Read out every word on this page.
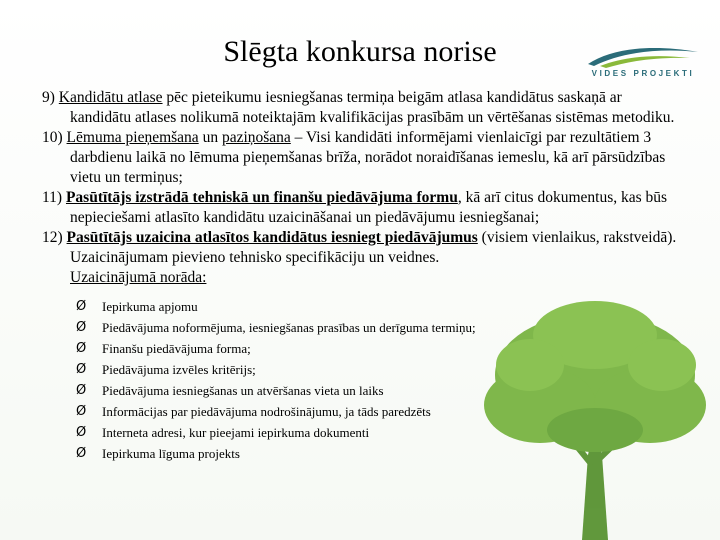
Slēgta konkursa norise
VIDES PROJEKTI

9) Kandidātu atlase pēc pieteikumu iesniegšanas termiņa beigām atlasa kandidātus saskaņā ar kandidātu atlases nolikumā noteiktajām kvalifikācijas prasībām un vērtēšanas sistēmas metodiku.

10) Lēmuma pieņemšana un paziņošana – Visi kandidāti informējami vienlaicīgi par rezultātiem 3 darbdienu laikā no lēmuma pieņemšanas brīža, norādot noraidīšanas iemeslu, kā arī pārsūdzības vietu un termiņus;

11) Pasūtītājs izstrādā tehniskā un finanšu piedāvājuma formu, kā arī citus dokumentus, kas būs nepieciešami atlasīto kandidātu uzaicināšanai un piedāvājumu iesniegšanai;

12) Pasūtītājs uzaicina atlasītos kandidātus iesniegt piedāvājumus (visiem vienlaikus, rakstveidā). Uzaicinājumam pievieno tehnisko specifikāciju un veidnes.

Uzaicinājumā norāda:

Ø Iepirkuma apjomu
Ø Piedāvājuma noformējuma, iesniegšanas prasības un derīguma termiņu;
Ø Finanšu piedāvājuma forma;
Ø Piedāvājuma izvēles kritērijs;
Ø Piedāvājuma iesniegšanas un atvēršanas vieta un laiks
Ø Informācijas par piedāvājuma nodrošinājumu, ja tāds paredzēts
Ø Interneta adresi, kur pieejami iepirkuma dokumenti
Ø Iepirkuma līguma projekts
